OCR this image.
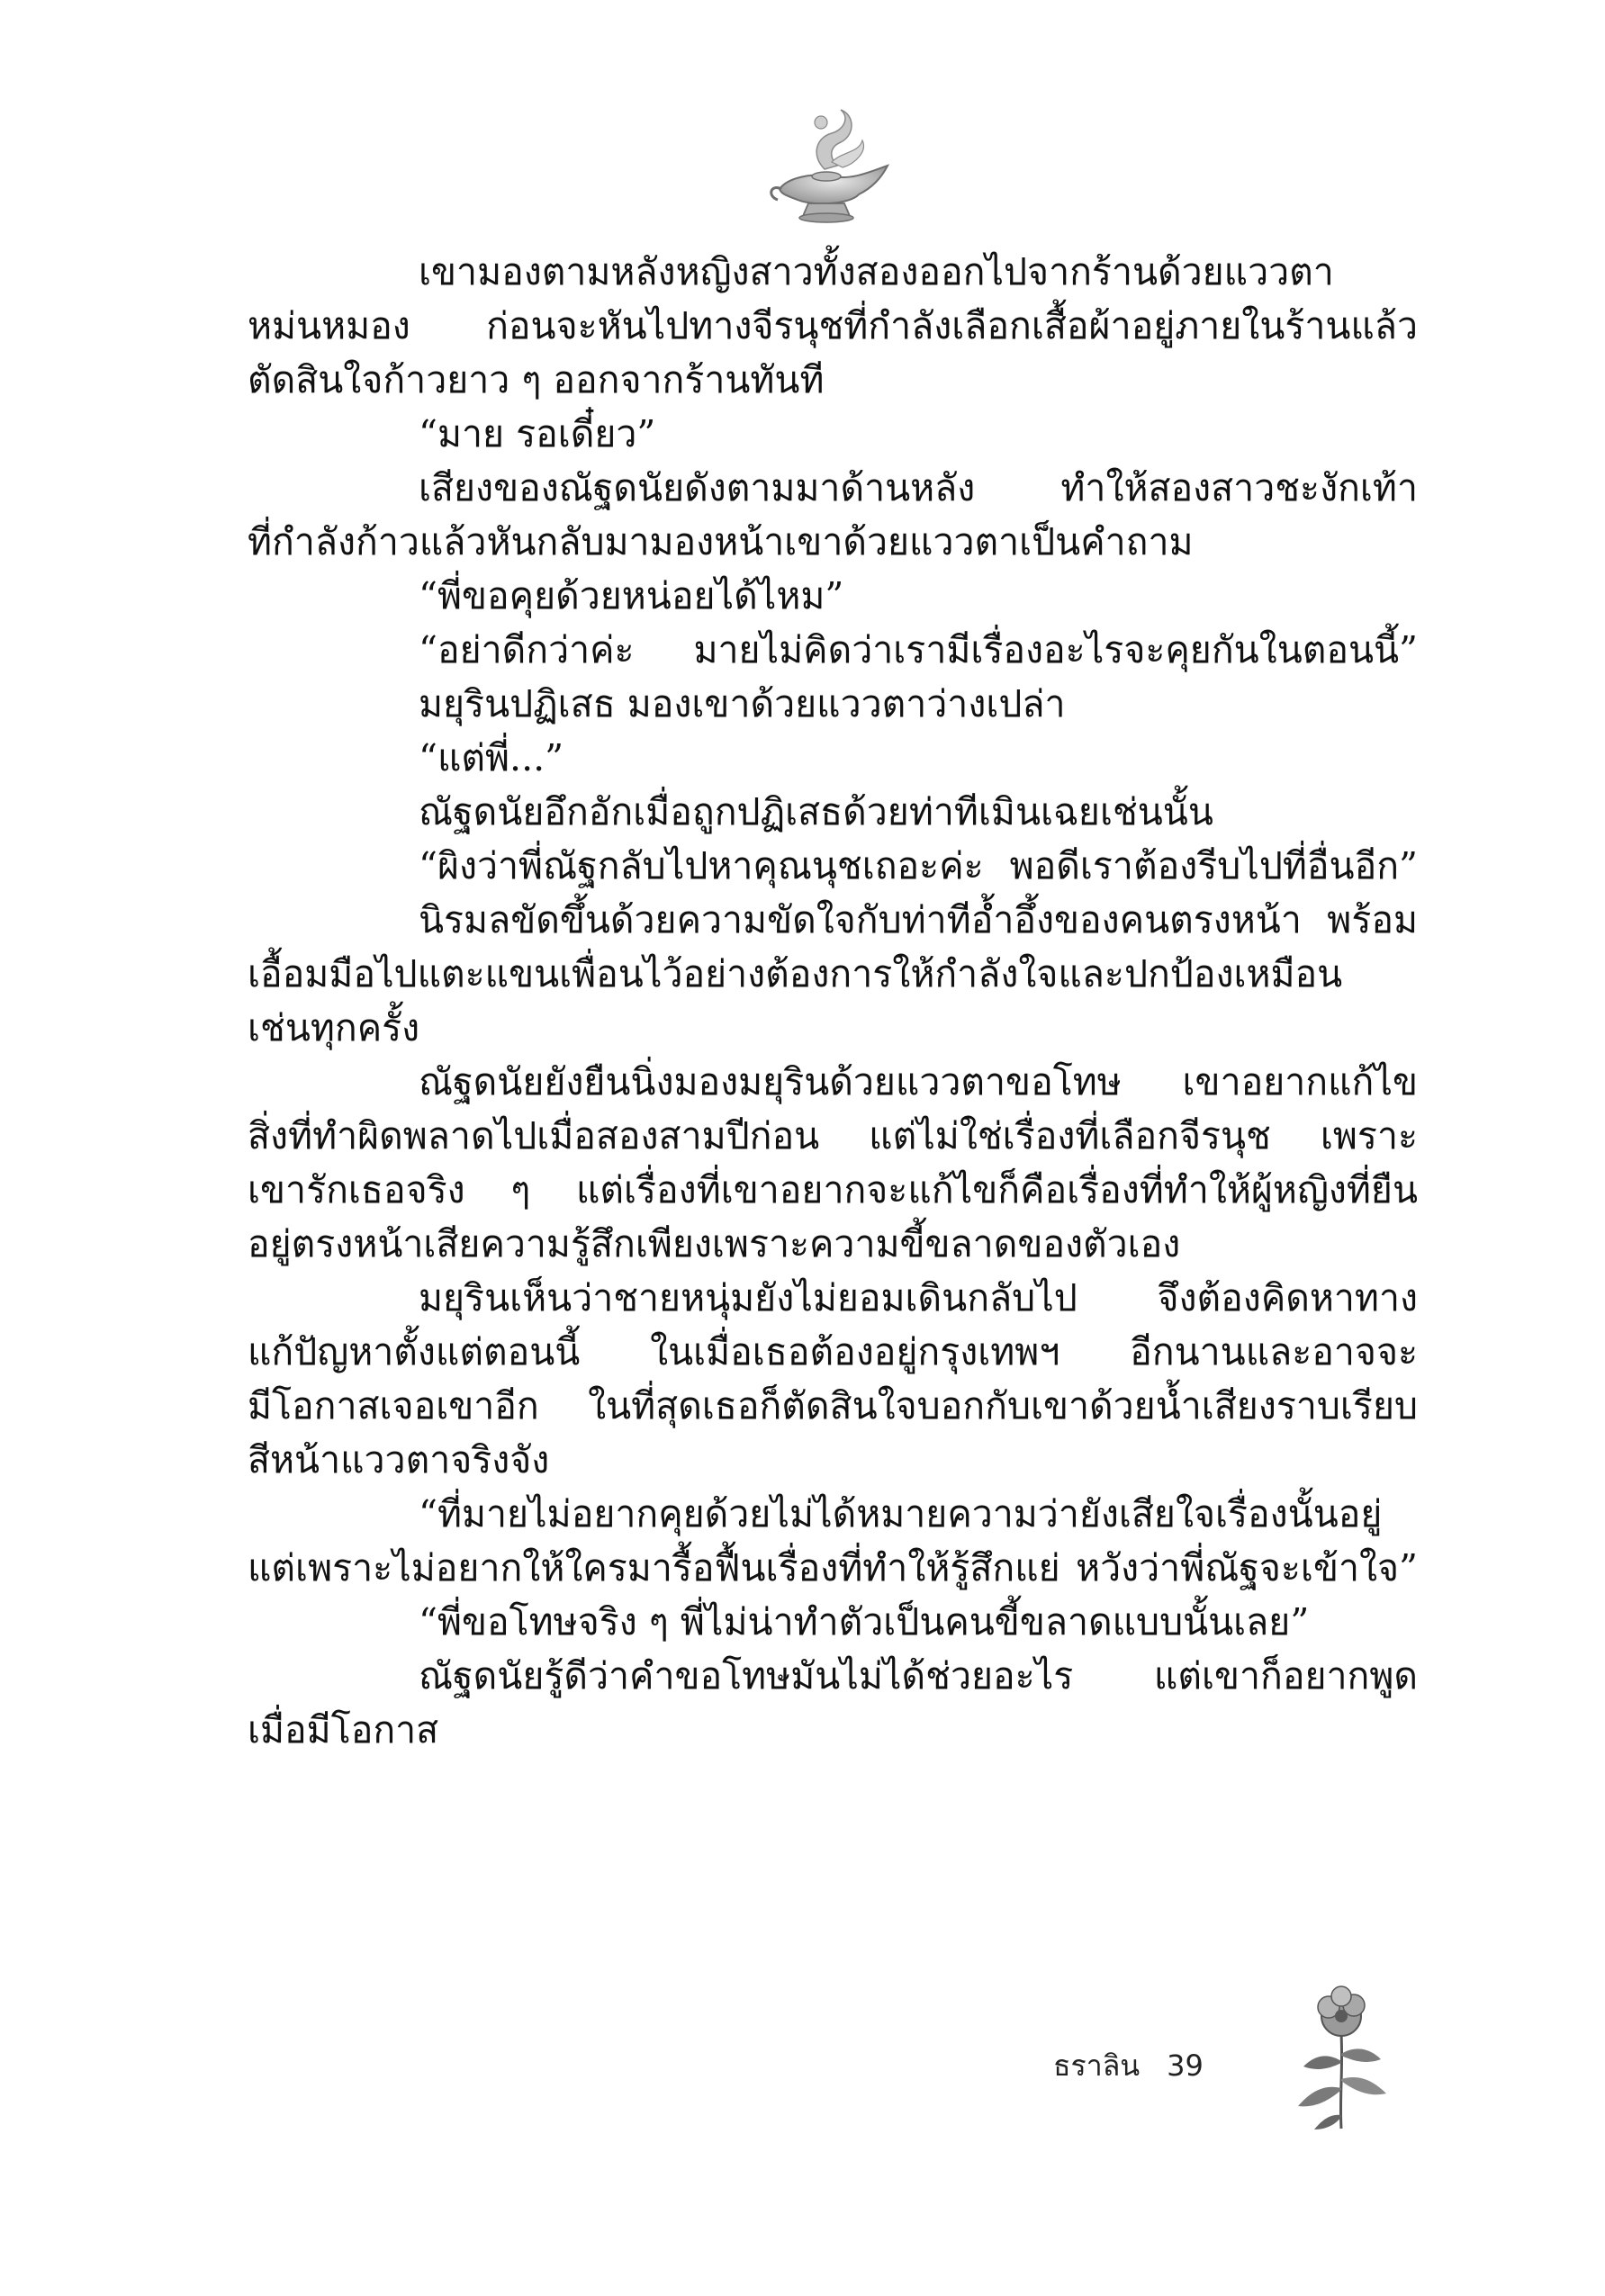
เขามองตามหลังหญิงสาวทั้งสองออกไปจากร้านด้วยแววตา
หม่นหมอง ก่อนจะหันไปทางจีรนุชที่กำลังเลือกเสื้อผ้าอยู่ภายในร้านแล้ว
ตัดสินใจก้าวยาว ๆ ออกจากร้านทันที
“มาย รอเดี๋ยว”
เสียงของณัฐดนัยดังตามมาด้านหลัง ทำให้สองสาวชะงักเท้า
ที่กำลังก้าวแล้วหันกลับมามองหน้าเขาด้วยแววตาเป็นคำถาม
“พี่ขอคุยด้วยหน่อยได้ไหม”
“อย่าดีกว่าค่ะ มายไม่คิดว่าเรามีเรื่องอะไรจะคุยกันในตอนนี้”
มยุรินปฏิเสธ มองเขาด้วยแววตาว่างเปล่า
“แต่พี่...”
ณัฐดนัยอึกอักเมื่อถูกปฏิเสธด้วยท่าทีเมินเฉยเช่นนั้น
“ผิงว่าพี่ณัฐกลับไปหาคุณนุชเถอะค่ะ พอดีเราต้องรีบไปที่อื่นอีก”
นิรมลขัดขึ้นด้วยความขัดใจกับท่าทีอ้ำอึ้งของคนตรงหน้า พร้อม
เอื้อมมือไปแตะแขนเพื่อนไว้อย่างต้องการให้กำลังใจและปกป้องเหมือน
เช่นทุกครั้ง
ณัฐดนัยยังยืนนิ่งมองมยุรินด้วยแววตาขอโทษ เขาอยากแก้ไข
สิ่งที่ทำผิดพลาดไปเมื่อสองสามปีก่อน แต่ไม่ใช่เรื่องที่เลือกจีรนุช เพราะ
เขารักเธอจริง ๆ แต่เรื่องที่เขาอยากจะแก้ไขก็คือเรื่องที่ทำให้ผู้หญิงที่ยืน
อยู่ตรงหน้าเสียความรู้สึกเพียงเพราะความขี้ขลาดของตัวเอง
มยุรินเห็นว่าชายหนุ่มยังไม่ยอมเดินกลับไป จึงต้องคิดหาทาง
แก้ปัญหาตั้งแต่ตอนนี้ ในเมื่อเธอต้องอยู่กรุงเทพฯ อีกนานและอาจจะ
มีโอกาสเจอเขาอีก ในที่สุดเธอก็ตัดสินใจบอกกับเขาด้วยน้ำเสียงราบเรียบ
สีหน้าแววตาจริงจัง
“ที่มายไม่อยากคุยด้วยไม่ได้หมายความว่ายังเสียใจเรื่องนั้นอยู่
แต่เพราะไม่อยากให้ใครมารื้อฟื้นเรื่องที่ทำให้รู้สึกแย่ หวังว่าพี่ณัฐจะเข้าใจ”
“พี่ขอโทษจริง ๆ พี่ไม่น่าทำตัวเป็นคนขี้ขลาดแบบนั้นเลย”
ณัฐดนัยรู้ดีว่าคำขอโทษมันไม่ได้ช่วยอะไร แต่เขาก็อยากพูด
เมื่อมีโอกาส
ธราลิน 39
